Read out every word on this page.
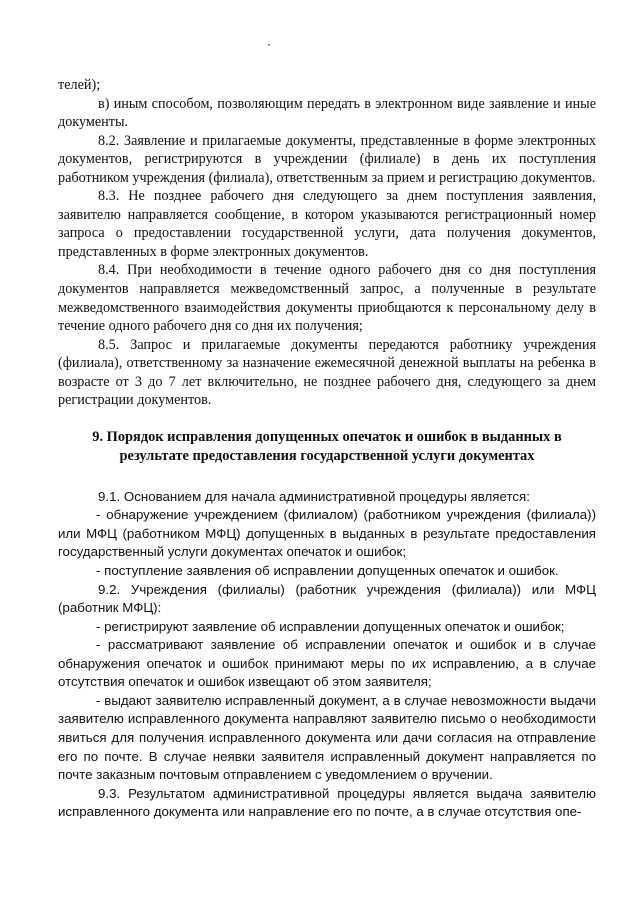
телей);

в) иным способом, позволяющим передать в электронном виде заявление и иные документы.

8.2. Заявление и прилагаемые документы, представленные в форме электронных документов, регистрируются в учреждении (филиале) в день их поступления работником учреждения (филиала), ответственным за прием и регистрацию документов.

8.3. Не позднее рабочего дня следующего за днем поступления заявления, заявителю направляется сообщение, в котором указываются регистрационный номер запроса о предоставлении государственной услуги, дата получения документов, представленных в форме электронных документов.

8.4. При необходимости в течение одного рабочего дня со дня поступления документов направляется межведомственный запрос, а полученные в результате межведомственного взаимодействия документы приобщаются к персональному делу в течение одного рабочего дня со дня их получения;

8.5. Запрос и прилагаемые документы передаются работнику учреждения (филиала), ответственному за назначение ежемесячной денежной выплаты на ребенка в возрасте от 3 до 7 лет включительно, не позднее рабочего дня, следующего за днем регистрации документов.

9. Порядок исправления допущенных опечаток и ошибок в выданных в результате предоставления государственной услуги документах

9.1. Основанием для начала административной процедуры является:

- обнаружение учреждением (филиалом) (работником учреждения (филиала)) или МФЦ (работником МФЦ) допущенных в выданных в результате предоставления государственный услуги документах опечаток и ошибок;

- поступление заявления об исправлении допущенных опечаток и ошибок.

9.2. Учреждения (филиалы) (работник учреждения (филиала)) или МФЦ (работник МФЦ):

- регистрируют заявление об исправлении допущенных опечаток и ошибок;

- рассматривают заявление об исправлении опечаток и ошибок и в случае обнаружения опечаток и ошибок принимают меры по их исправлению, а в случае отсутствия опечаток и ошибок извещают об этом заявителя;

- выдают заявителю исправленный документ, а в случае невозможности выдачи заявителю исправленного документа направляют заявителю письмо о необходимости явиться для получения исправленного документа или дачи согласия на отправление его по почте. В случае неявки заявителя исправленный документ направляется по почте заказным почтовым отправлением с уведомлением о вручении.

9.3. Результатом административной процедуры является выдача заявителю исправленного документа или направление его по почте, а в случае отсутствия опе-
